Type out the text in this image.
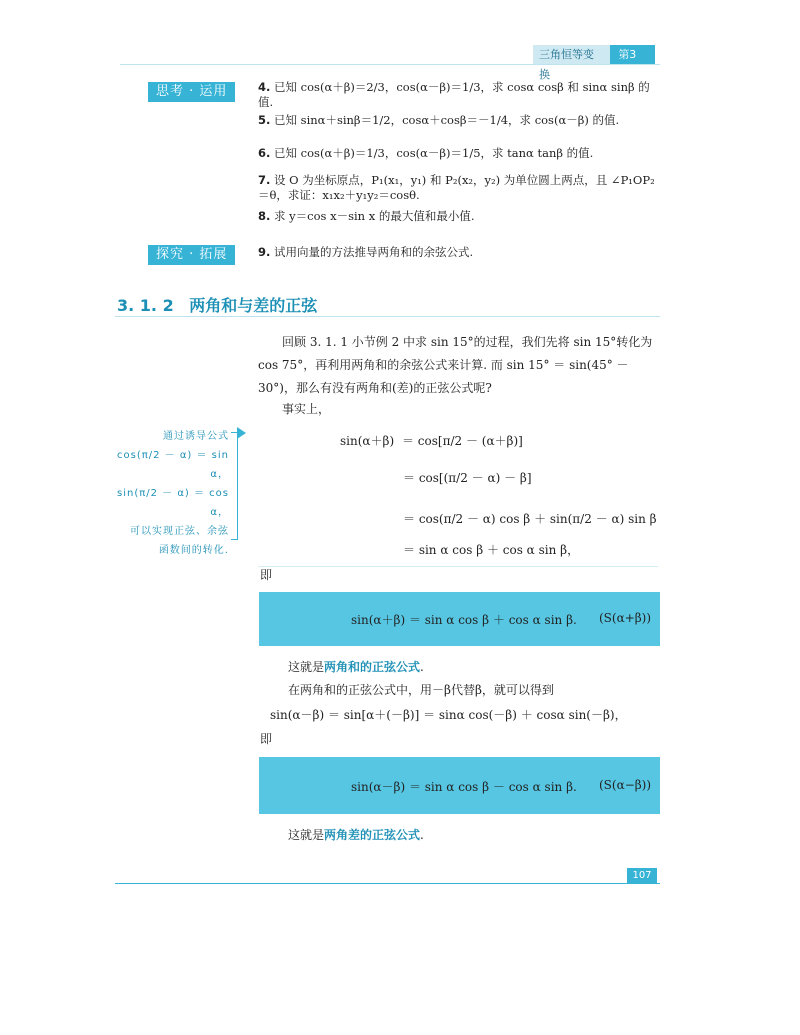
三角恒等变换
第3章
思考 · 运用	4. 已知 cos(α＋β)＝2/3，cos(α－β)＝1/3，求 cosα cosβ 和 sinα sinβ 的值.
5. 已知 sinα＋sinβ＝1/2，cosα＋cosβ＝－1/4，求 cos(α－β) 的值.
6. 已知 cos(α＋β)＝1/3，cos(α－β)＝1/5，求 tanα tanβ 的值.
7. 设 O 为坐标原点，P₁(x₁，y₁) 和 P₂(x₂，y₂) 为单位圆上两点，且 ∠P₁OP₂＝θ，求证：x₁x₂＋y₁y₂＝cosθ.
8. 求 y＝cos x－sin x 的最大值和最小值.
探究 · 拓展	9. 试用向量的方法推导两角和的余弦公式.
3. 1. 2 两角和与差的正弦
回顾 3. 1. 1 小节例 2 中求 sin 15°的过程，我们先将 sin 15°转化为 cos 75°，再利用两角和的余弦公式来计算. 而 sin 15° ＝ sin(45° － 30°)，那么有没有两角和(差)的正弦公式呢?
事实上，
通过诱导公式
cos(π/2 － α) ＝ sin α，
sin(π/2 － α) ＝ cos α，
可以实现正弦、余弦
函数间的转化.
sin(α＋β) ＝ cos[π/2 － (α＋β)]
＝ cos[(π/2 － α) － β]
＝ cos(π/2 － α) cos β ＋ sin(π/2 － α) sin β
＝ sin α cos β ＋ cos α sin β，
即
sin(α＋β) ＝ sin α cos β ＋ cos α sin β. (S(α+β))
这就是两角和的正弦公式.
在两角和的正弦公式中，用－β代替β，就可以得到
sin(α－β) ＝ sin[α＋(－β)] ＝ sinα cos(－β) ＋ cosα sin(－β)，
即
sin(α－β) ＝ sin α cos β － cos α sin β. (S(α−β))
这就是两角差的正弦公式.
107
